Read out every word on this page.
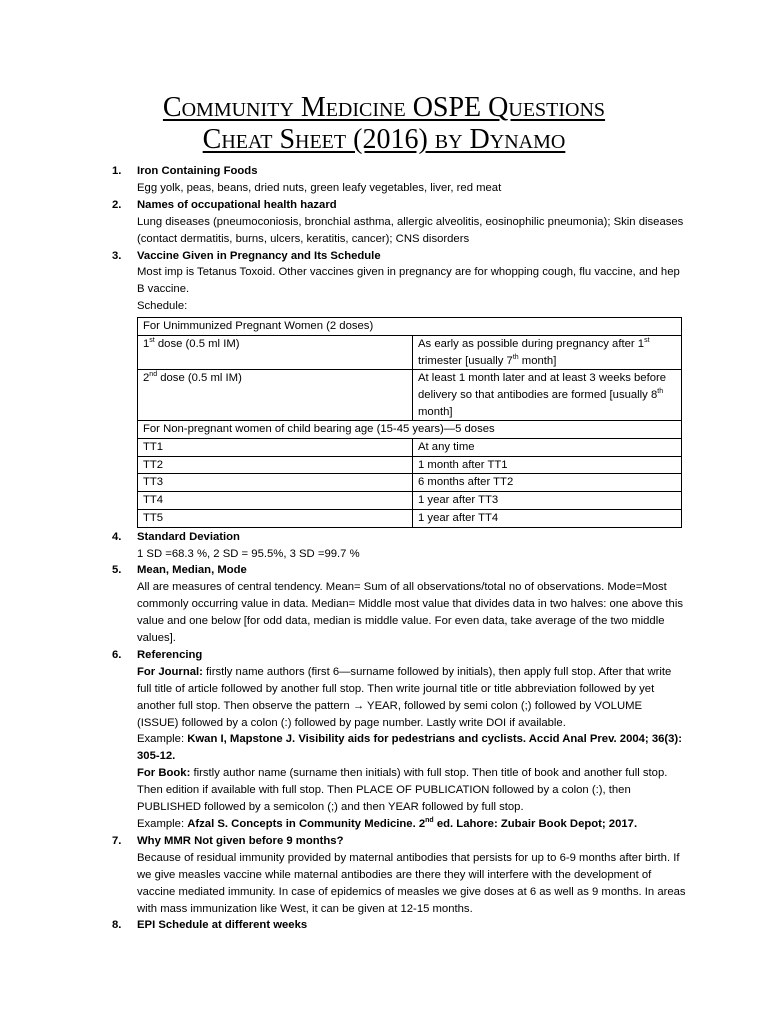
Community Medicine OSPE Questions
Cheat Sheet (2016) by Dynamo
1. Iron Containing Foods
Egg yolk, peas, beans, dried nuts, green leafy vegetables, liver, red meat
2. Names of occupational health hazard
Lung diseases (pneumoconiosis, bronchial asthma, allergic alveolitis, eosinophilic pneumonia); Skin diseases (contact dermatitis, burns, ulcers, keratitis, cancer); CNS disorders
3. Vaccine Given in Pregnancy and Its Schedule
Most imp is Tetanus Toxoid. Other vaccines given in pregnancy are for whopping cough, flu vaccine, and hep B vaccine.
Schedule:
For Unimmunized Pregnant Women (2 doses)	
1st dose (0.5 ml IM)	As early as possible during pregnancy after 1st trimester [usually 7th month]
2nd dose (0.5 ml IM)	At least 1 month later and at least 3 weeks before delivery so that antibodies are formed [usually 8th month]
For Non-pregnant women of child bearing age (15-45 years)—5 doses	
TT1	At any time
TT2	1 month after TT1
TT3	6 months after TT2
TT4	1 year after TT3
TT5	1 year after TT4
4. Standard Deviation
1 SD =68.3 %, 2 SD = 95.5%, 3 SD =99.7 %
5. Mean, Median, Mode
All are measures of central tendency. Mean= Sum of all observations/total no of observations. Mode=Most commonly occurring value in data. Median= Middle most value that divides data in two halves: one above this value and one below [for odd data, median is middle value. For even data, take average of the two middle values].
6. Referencing
For Journal: firstly name authors (first 6—surname followed by initials), then apply full stop. After that write full title of article followed by another full stop. Then write journal title or title abbreviation followed by yet another full stop. Then observe the pattern → YEAR, followed by semi colon (;) followed by VOLUME (ISSUE) followed by a colon (:) followed by page number. Lastly write DOI if available.
Example: Kwan I, Mapstone J. Visibility aids for pedestrians and cyclists. Accid Anal Prev. 2004; 36(3): 305-12.
For Book: firstly author name (surname then initials) with full stop. Then title of book and another full stop. Then edition if available with full stop. Then PLACE OF PUBLICATION followed by a colon (:), then PUBLISHED followed by a semicolon (;) and then YEAR followed by full stop.
Example: Afzal S. Concepts in Community Medicine. 2nd ed. Lahore: Zubair Book Depot; 2017.
7. Why MMR Not given before 9 months?
Because of residual immunity provided by maternal antibodies that persists for up to 6-9 months after birth. If we give measles vaccine while maternal antibodies are there they will interfere with the development of vaccine mediated immunity. In case of epidemics of measles we give doses at 6 as well as 9 months. In areas with mass immunization like West, it can be given at 12-15 months.
8. EPI Schedule at different weeks
